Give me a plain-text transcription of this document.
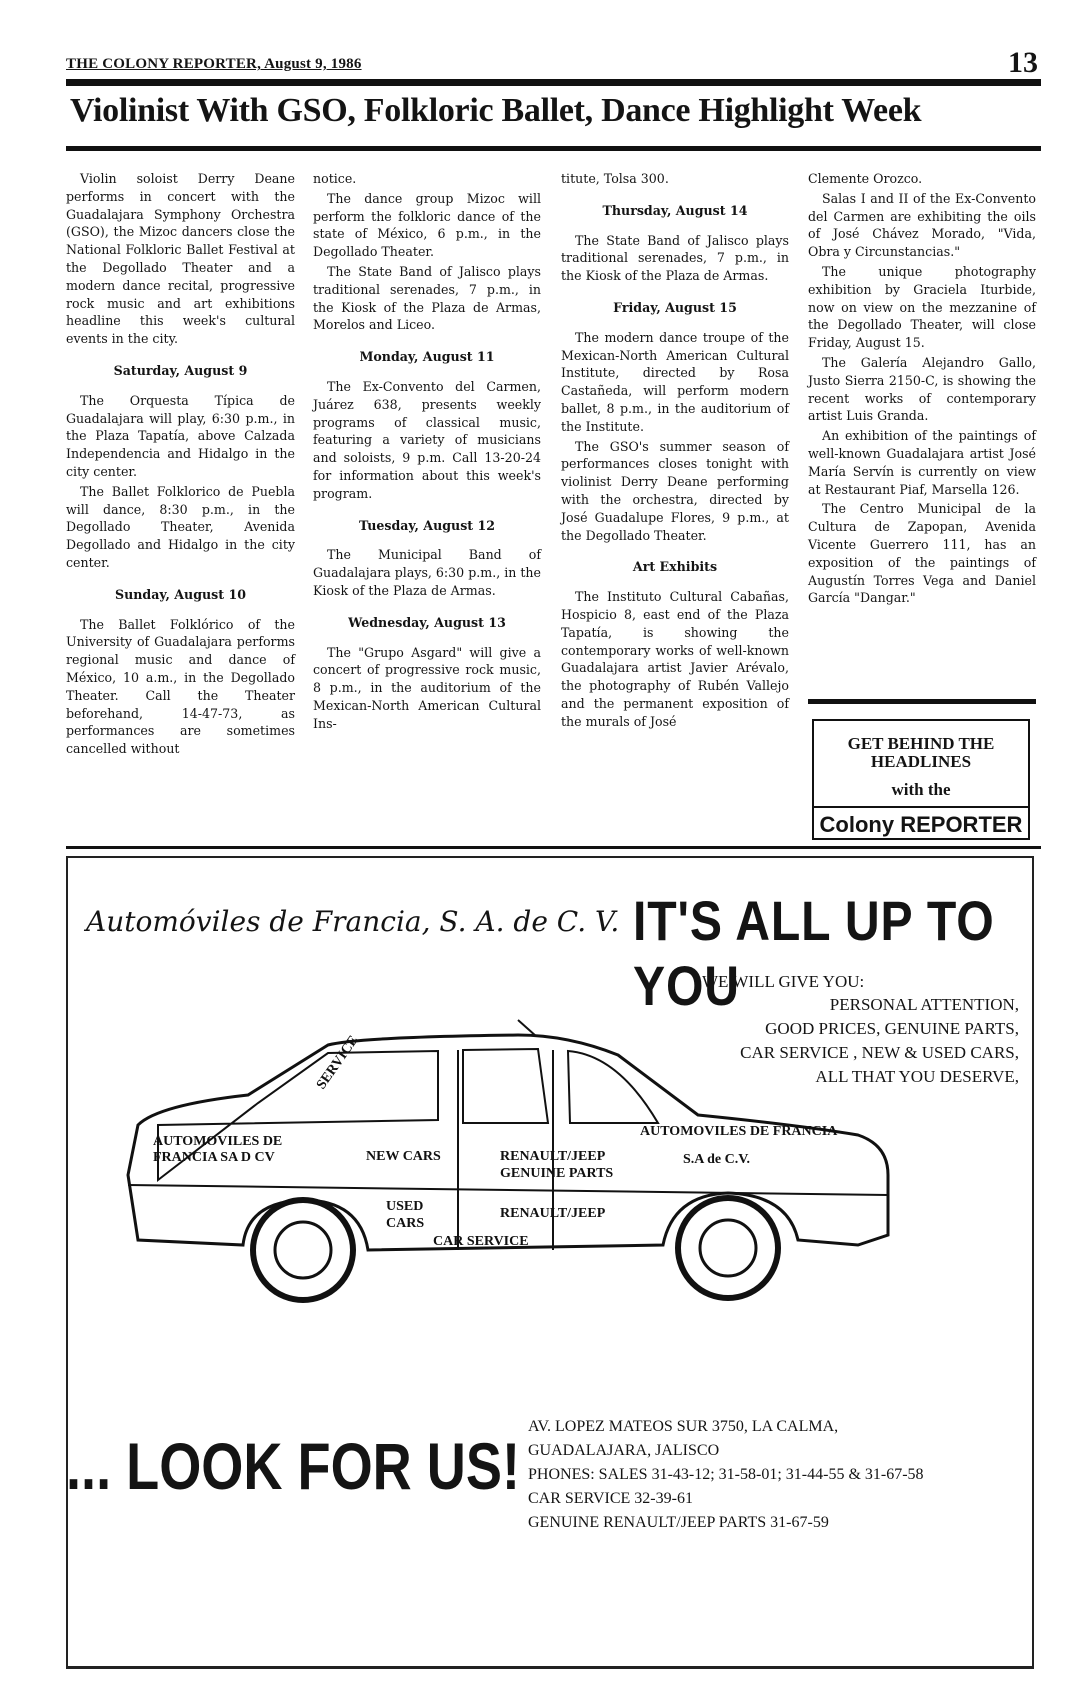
THE COLONY REPORTER, August 9, 1986	13
Violinist With GSO, Folkloric Ballet, Dance Highlight Week

Violin soloist Derry Deane performs in concert with the Guadalajara Symphony Orchestra (GSO), the Mizoc dancers close the National Folkloric Ballet Festival at the Degollado Theater and a modern dance recital, progressive rock music and art exhibitions headline this week's cultural events in the city.

Saturday, August 9

The Orquesta Típica de Guadalajara will play, 6:30 p.m., in the Plaza Tapatía, above Calzada Independencia and Hidalgo in the city center.

The Ballet Folklorico de Puebla will dance, 8:30 p.m., in the Degollado Theater, Avenida Degollado and Hidalgo in the city center.

Sunday, August 10

The Ballet Folklórico of the University of Guadalajara performs regional music and dance of México, 10 a.m., in the Degollado Theater. Call the Theater beforehand, 14-47-73, as performances are sometimes cancelled without

notice.

The dance group Mizoc will perform the folkloric dance of the state of México, 6 p.m., in the Degollado Theater.

The State Band of Jalisco plays traditional serenades, 7 p.m., in the Kiosk of the Plaza de Armas, Morelos and Liceo.

Monday, August 11

The Ex-Convento del Carmen, Juárez 638, presents weekly programs of classical music, featuring a variety of musicians and soloists, 9 p.m. Call 13-20-24 for information about this week's program.

Tuesday, August 12

The Municipal Band of Guadalajara plays, 6:30 p.m., in the Kiosk of the Plaza de Armas.

Wednesday, August 13

The "Grupo Asgard" will give a concert of progressive rock music, 8 p.m., in the auditorium of the Mexican-North American Cultural Ins-

titute, Tolsa 300.

Thursday, August 14

The State Band of Jalisco plays traditional serenades, 7 p.m., in the Kiosk of the Plaza de Armas.

Friday, August 15

The modern dance troupe of the Mexican-North American Cultural Institute, directed by Rosa Castañeda, will perform modern ballet, 8 p.m., in the auditorium of the Institute.

The GSO's summer season of performances closes tonight with violinist Derry Deane performing with the orchestra, directed by José Guadalupe Flores, 9 p.m., at the Degollado Theater.

Art Exhibits

The Instituto Cultural Cabañas, Hospicio 8, east end of the Plaza Tapatía, is showing the contemporary works of well-known Guadalajara artist Javier Arévalo, the photography of Rubén Vallejo and the permanent exposition of the murals of José

Clemente Orozco.

Salas I and II of the Ex-Convento del Carmen are exhibiting the oils of José Chávez Morado, "Vida, Obra y Circunstancias."

The unique photography exhibition by Graciela Iturbide, now on view on the mezzanine of the Degollado Theater, will close Friday, August 15.

The Galería Alejandro Gallo, Justo Sierra 2150-C, is showing the recent works of contemporary artist Luis Granda.

An exhibition of the paintings of well-known Guadalajara artist José María Servín is currently on view at Restaurant Piaf, Marsella 126.

The Centro Municipal de la Cultura de Zapopan, Avenida Vicente Guerrero 111, has an exposition of the paintings of Augustín Torres Vega and Daniel García "Dangar."

GET BEHIND THE HEADLINES
with the
Colony REPORTER
Automóviles de Francia, S. A. de C. V. IT'S ALL UP TO YOU
WE WILL GIVE YOU:
PERSONAL ATTENTION,
GOOD PRICES, GENUINE PARTS,
CAR SERVICE , NEW & USED CARS,
ALL THAT YOU DESERVE,
AUTOMOVILES DE
FRANCIA SA D CV
SERVICE
NEW CARS	RENAULT/JEEP
GENUINE PARTS
AUTOMOVILES DE FRANCIA
S.A de C.V.
USED
CARS
RENAULT/JEEP
CAR SERVICE
... LOOK FOR US!
AV. LOPEZ MATEOS SUR 3750, LA CALMA,
GUADALAJARA, JALISCO
PHONES: SALES 31-43-12; 31-58-01; 31-44-55 & 31-67-58
CAR SERVICE 32-39-61
GENUINE RENAULT/JEEP PARTS 31-67-59
